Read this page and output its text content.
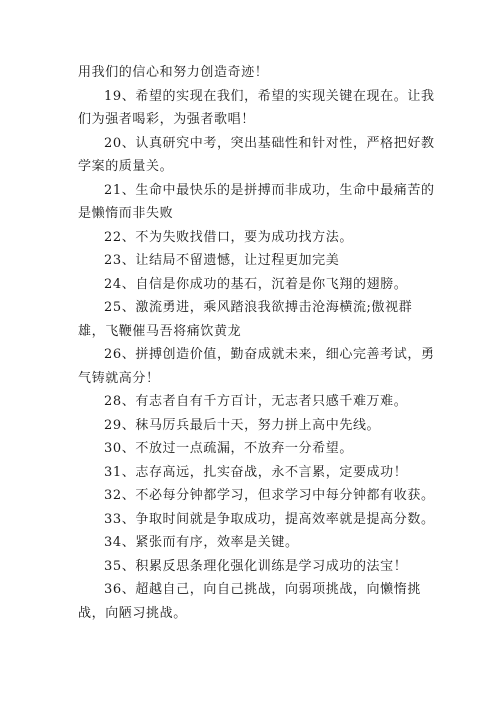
用我们的信心和努力创造奇迹！

19、希望的实现在我们，希望的实现关键在现在。让我们为强者喝彩，为强者歌唱！

20、认真研究中考，突出基础性和针对性，严格把好教学案的质量关。

21、生命中最快乐的是拼搏而非成功，生命中最痛苦的是懒惰而非失败

22、不为失败找借口，要为成功找方法。

23、让结局不留遗憾，让过程更加完美

24、自信是你成功的基石，沉着是你飞翔的翅膀。

25、激流勇进，乘风踏浪我欲搏击沧海横流;傲视群雄，飞鞭催马吾将痛饮黄龙

26、拼搏创造价值，勤奋成就未来，细心完善考试，勇气铸就高分！

28、有志者自有千方百计，无志者只感千难万难。

29、秣马厉兵最后十天，努力拼上高中先线。

30、不放过一点疏漏，不放弃一分希望。

31、志存高远，扎实奋战，永不言累，定要成功！

32、不必每分钟都学习，但求学习中每分钟都有收获。

33、争取时间就是争取成功，提高效率就是提高分数。

34、紧张而有序，效率是关键。

35、积累反思条理化强化训练是学习成功的法宝！

36、超越自己，向自己挑战，向弱项挑战，向懒惰挑战，向陋习挑战。
